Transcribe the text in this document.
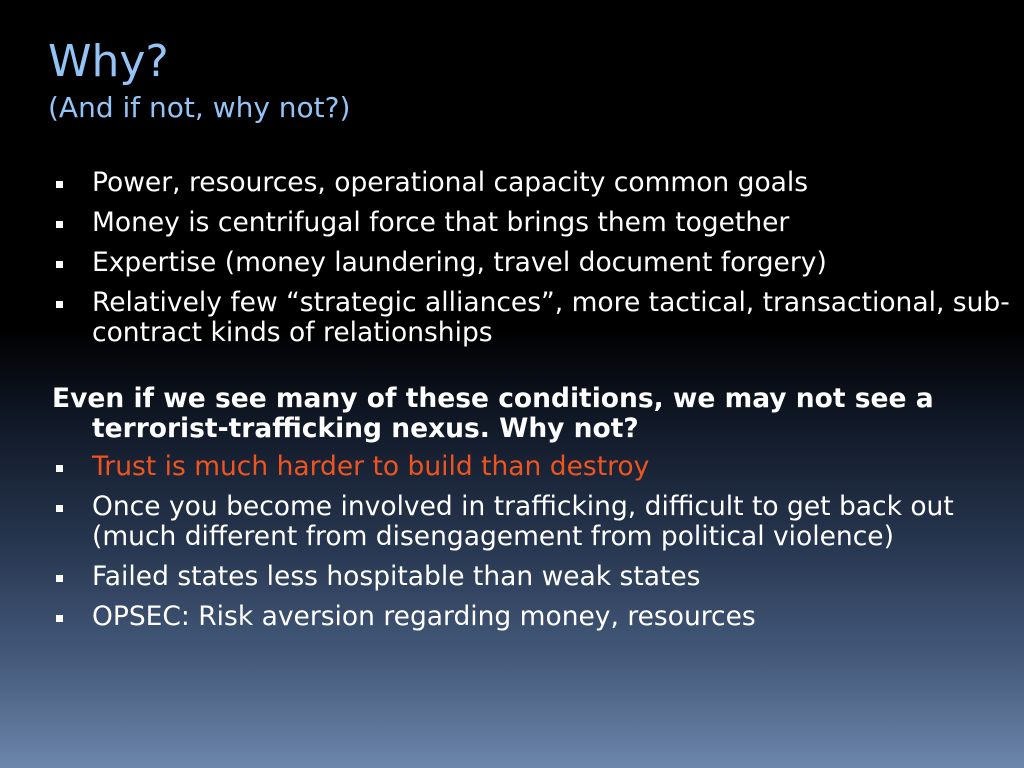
Why?
(And if not, why not?)
Power, resources, operational capacity common goals
Money is centrifugal force that brings them together
Expertise (money laundering, travel document forgery)
Relatively few “strategic alliances”, more tactical, transactional, sub-contract kinds of relationships
Even if we see many of these conditions, we may not see a terrorist-trafficking nexus. Why not?
Trust is much harder to build than destroy
Once you become involved in trafficking, difficult to get back out (much different from disengagement from political violence)
Failed states less hospitable than weak states
OPSEC: Risk aversion regarding money, resources
